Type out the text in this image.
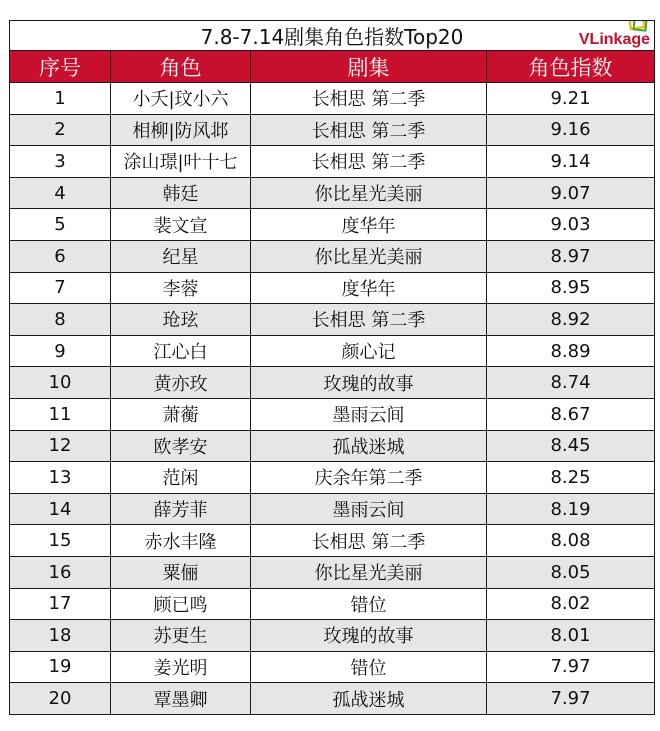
7.8-7.14剧集角色指数Top20 VLinkage			

序号	角色	剧集	角色指数
1	小夭|玟小六	长相思 第二季	9.21
2	相柳|防风邶	长相思 第二季	9.16
3	涂山璟|叶十七	长相思 第二季	9.14
4	韩廷	你比星光美丽	9.07
5	裴文宣	度华年	9.03
6	纪星	你比星光美丽	8.97
7	李蓉	度华年	8.95
8	玱玹	长相思 第二季	8.92
9	江心白	颜心记	8.89
10	黄亦玫	玫瑰的故事	8.74
11	萧蘅	墨雨云间	8.67
12	欧孝安	孤战迷城	8.45
13	范闲	庆余年第二季	8.25
14	薛芳菲	墨雨云间	8.19
15	赤水丰隆	长相思 第二季	8.08
16	粟俪	你比星光美丽	8.05
17	顾已鸣	错位	8.02
18	苏更生	玫瑰的故事	8.01
19	姜光明	错位	7.97
20	覃墨卿	孤战迷城	7.97
